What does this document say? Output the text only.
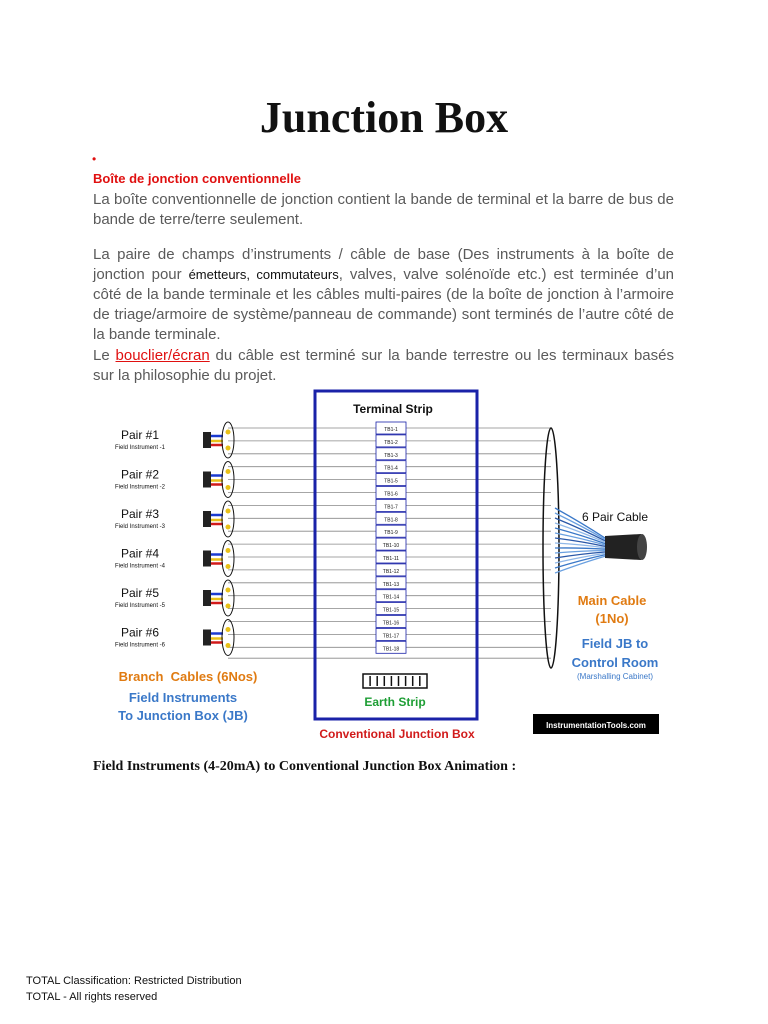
Junction Box
•
Boîte de jonction conventionnelle
La boîte conventionnelle de jonction contient la bande de terminal et la barre de bus de bande de terre/terre seulement.
La paire de champs d’instruments / câble de base (Des instruments à la boîte de jonction pour émetteurs, commutateurs, valves, valve solénoïde etc.) est terminée d’un côté de la bande terminale et les câbles multi-paires (de la boîte de jonction à l’armoire de triage/armoire de système/panneau de commande) sont terminés de l’autre côté de la bande terminale.
Le bouclier/écran du câble est terminé sur la bande terrestre ou les terminaux basés sur la philosophie du projet.
Terminal Strip
TB1-1
TB1-2
TB1-3
TB1-4
TB1-5
TB1-6
TB1-7
TB1-8
TB1-9
TB1-10
TB1-11
TB1-12
TB1-13
TB1-14
TB1-15
TB1-16
TB1-17
TB1-18
Pair #1
Field Instrument -1
Pair #2
Field Instrument -2
Pair #3
Field Instrument -3
Pair #4
Field Instrument -4
Pair #5
Field Instrument -5
Pair #6
Field Instrument -6
Earth Strip
Conventional Junction Box
6 Pair Cable
Main Cable
(1No)
Field JB to
Control Room
(Marshalling Cabinet)
Branch  Cables (6Nos)
Field Instruments
To Junction Box (JB)
InstrumentationTools.com
Field Instruments (4-20mA) to Conventional Junction Box Animation :
TOTAL Classification: Restricted Distribution
TOTAL - All rights reserved
